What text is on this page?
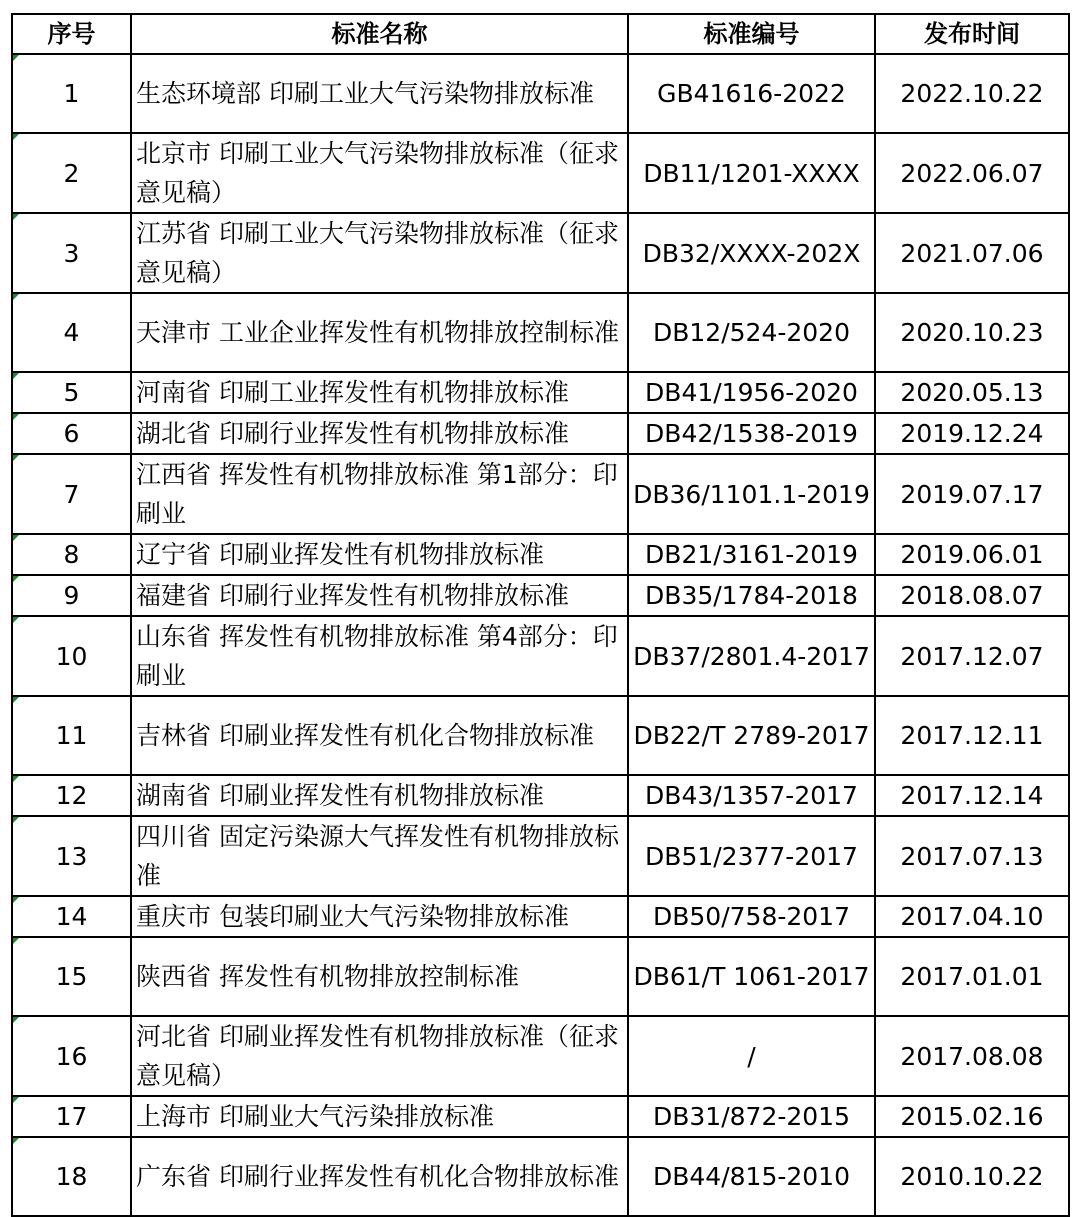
序号	标准名称	标准编号	发布时间
1	生态环境部 印刷工业大气污染物排放标准	GB41616-2022	2022.10.22
2	北京市 印刷工业大气污染物排放标准（征求意见稿）	DB11/1201-XXXX	2022.06.07
3	江苏省 印刷工业大气污染物排放标准（征求意见稿）	DB32/XXXX-202X	2021.07.06
4	天津市 工业企业挥发性有机物排放控制标准	DB12/524-2020	2020.10.23
5	河南省 印刷工业挥发性有机物排放标准	DB41/1956-2020	2020.05.13
6	湖北省 印刷行业挥发性有机物排放标准	DB42/1538-2019	2019.12.24
7	江西省 挥发性有机物排放标准 第1部分：印刷业	DB36/1101.1-2019	2019.07.17
8	辽宁省 印刷业挥发性有机物排放标准	DB21/3161-2019	2019.06.01
9	福建省 印刷行业挥发性有机物排放标准	DB35/1784-2018	2018.08.07
10	山东省 挥发性有机物排放标准 第4部分：印刷业	DB37/2801.4-2017	2017.12.07
11	吉林省 印刷业挥发性有机化合物排放标准	DB22/T 2789-2017	2017.12.11
12	湖南省 印刷业挥发性有机物排放标准	DB43/1357-2017	2017.12.14
13	四川省 固定污染源大气挥发性有机物排放标准	DB51/2377-2017	2017.07.13
14	重庆市 包装印刷业大气污染物排放标准	DB50/758-2017	2017.04.10
15	陕西省 挥发性有机物排放控制标准	DB61/T 1061-2017	2017.01.01
16	河北省 印刷业挥发性有机物排放标准（征求意见稿）	/	2017.08.08
17	上海市 印刷业大气污染排放标准	DB31/872-2015	2015.02.16
18	广东省 印刷行业挥发性有机化合物排放标准	DB44/815-2010	2010.10.22
